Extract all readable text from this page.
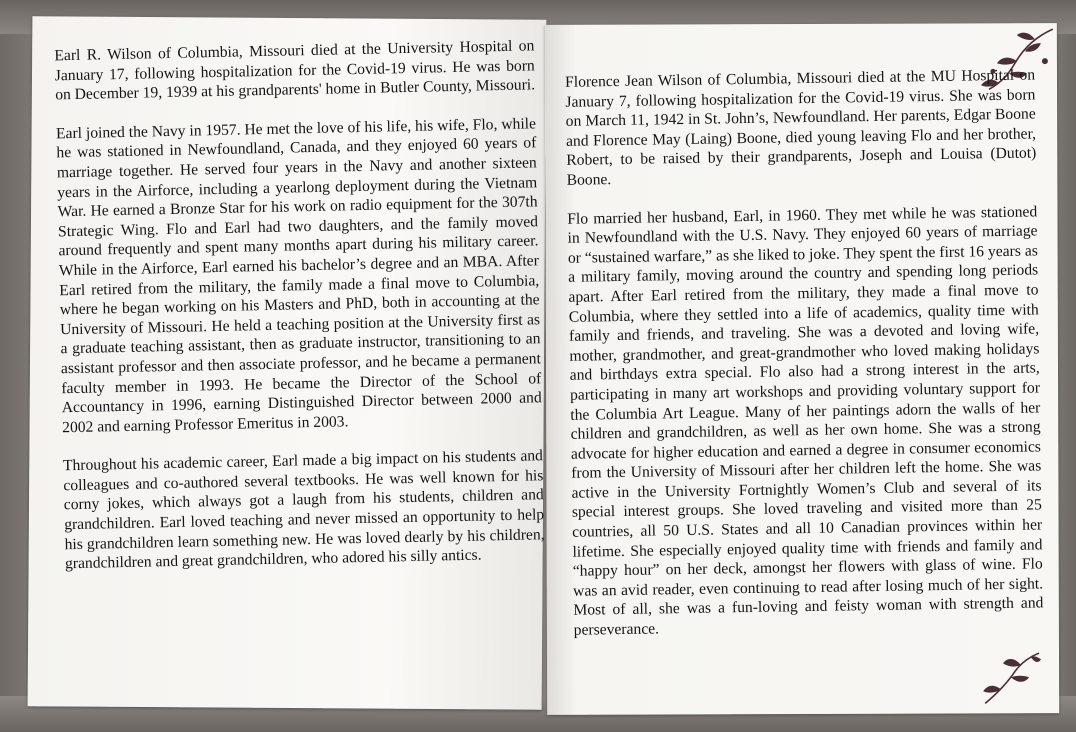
Earl R. Wilson of Columbia, Missouri died at the University Hospital on January 17, following hospitalization for the Covid-19 virus. He was born on December 19, 1939 at his grandparents' home in Butler County, Missouri.

Earl joined the Navy in 1957. He met the love of his life, his wife, Flo, while he was stationed in Newfoundland, Canada, and they enjoyed 60 years of marriage together. He served four years in the Navy and another sixteen years in the Airforce, including a yearlong deployment during the Vietnam War. He earned a Bronze Star for his work on radio equipment for the 307th Strategic Wing. Flo and Earl had two daughters, and the family moved around frequently and spent many months apart during his military career. While in the Airforce, Earl earned his bachelor’s degree and an MBA. After Earl retired from the military, the family made a final move to Columbia, where he began working on his Masters and PhD, both in accounting at the University of Missouri. He held a teaching position at the University first as a graduate teaching assistant, then as graduate instructor, transitioning to an assistant professor and then associate professor, and he became a permanent faculty member in 1993. He became the Director of the School of Accountancy in 1996, earning Distinguished Director between 2000 and 2002 and earning Professor Emeritus in 2003.

Throughout his academic career, Earl made a big impact on his students and colleagues and co-authored several textbooks. He was well known for his corny jokes, which always got a laugh from his students, children and grandchildren. Earl loved teaching and never missed an opportunity to help his grandchildren learn something new. He was loved dearly by his children, grandchildren and great grandchildren, who adored his silly antics.

Florence Jean Wilson of Columbia, Missouri died at the MU Hospital on January 7, following hospitalization for the Covid-19 virus. She was born on March 11, 1942 in St. John’s, Newfoundland. Her parents, Edgar Boone and Florence May (Laing) Boone, died young leaving Flo and her brother, Robert, to be raised by their grandparents, Joseph and Louisa (Dutot) Boone.

Flo married her husband, Earl, in 1960. They met while he was stationed in Newfoundland with the U.S. Navy. They enjoyed 60 years of marriage or “sustained warfare,” as she liked to joke. They spent the first 16 years as a military family, moving around the country and spending long periods apart. After Earl retired from the military, they made a final move to Columbia, where they settled into a life of academics, quality time with family and friends, and traveling. She was a devoted and loving wife, mother, grandmother, and great-grandmother who loved making holidays and birthdays extra special. Flo also had a strong interest in the arts, participating in many art workshops and providing voluntary support for the Columbia Art League. Many of her paintings adorn the walls of her children and grandchildren, as well as her own home. She was a strong advocate for higher education and earned a degree in consumer economics from the University of Missouri after her children left the home. She was active in the University Fortnightly Women’s Club and several of its special interest groups. She loved traveling and visited more than 25 countries, all 50 U.S. States and all 10 Canadian provinces within her lifetime. She especially enjoyed quality time with friends and family and “happy hour” on her deck, amongst her flowers with glass of wine. Flo was an avid reader, even continuing to read after losing much of her sight. Most of all, she was a fun-loving and feisty woman with strength and perseverance.
